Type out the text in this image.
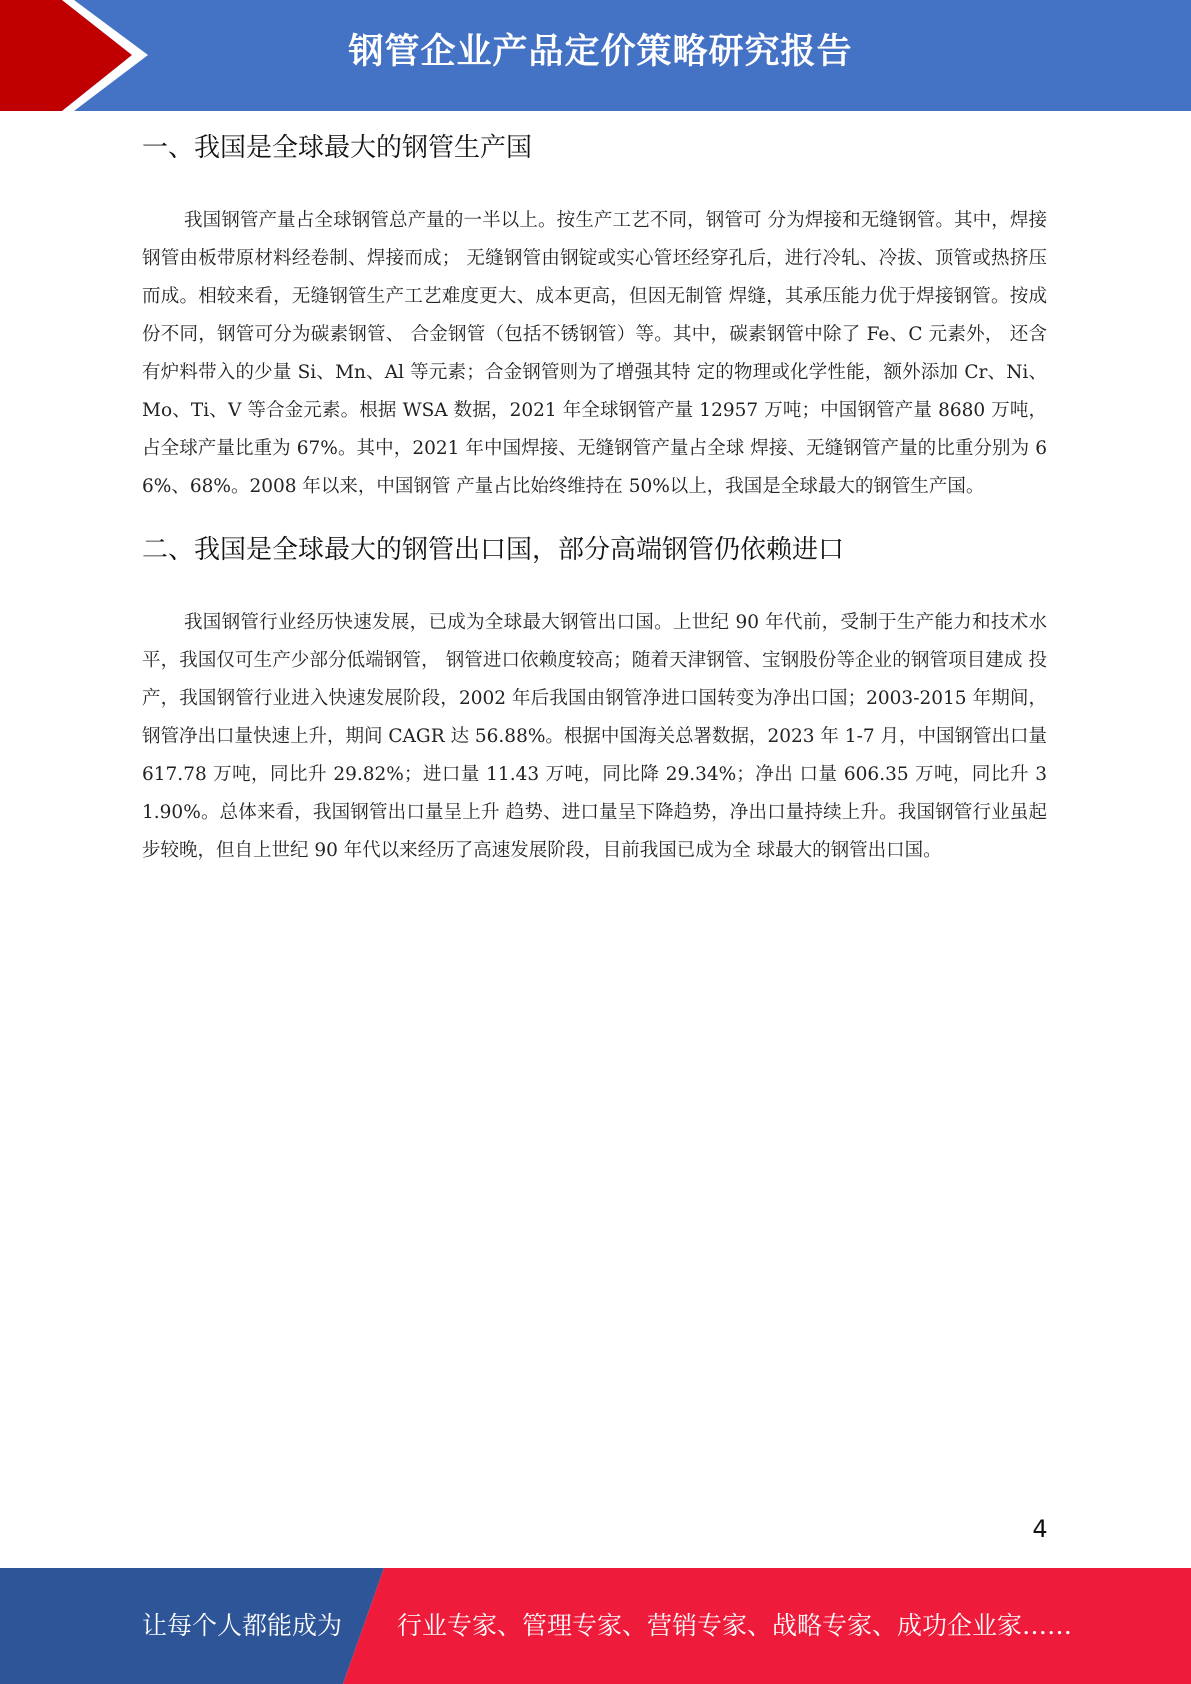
钢管企业产品定价策略研究报告
一、我国是全球最大的钢管生产国

我国钢管产量占全球钢管总产量的一半以上。按生产工艺不同，钢管可 分为焊接和无缝钢管。其中，焊接钢管由板带原材料经卷制、焊接而成； 无缝钢管由钢锭或实心管坯经穿孔后，进行冷轧、冷拔、顶管或热挤压 而成。相较来看，无缝钢管生产工艺难度更大、成本更高，但因无制管 焊缝，其承压能力优于焊接钢管。按成份不同，钢管可分为碳素钢管、 合金钢管（包括不锈钢管）等。其中，碳素钢管中除了 Fe、C 元素外， 还含有炉料带入的少量 Si、Mn、Al 等元素；合金钢管则为了增强其特 定的物理或化学性能，额外添加 Cr、Ni、Mo、Ti、V 等合金元素。根据 WSA 数据，2021 年全球钢管产量 12957 万吨；中国钢管产量 8680 万吨， 占全球产量比重为 67%。其中，2021 年中国焊接、无缝钢管产量占全球 焊接、无缝钢管产量的比重分别为 66%、68%。2008 年以来，中国钢管 产量占比始终维持在 50%以上，我国是全球最大的钢管生产国。

二、我国是全球最大的钢管出口国，部分高端钢管仍依赖进口

我国钢管行业经历快速发展，已成为全球最大钢管出口国。上世纪 90 年代前，受制于生产能力和技术水平，我国仅可生产少部分低端钢管， 钢管进口依赖度较高；随着天津钢管、宝钢股份等企业的钢管项目建成 投产，我国钢管行业进入快速发展阶段，2002 年后我国由钢管净进口国转变为净出口国；2003-2015 年期间，钢管净出口量快速上升，期间 CAGR 达 56.88%。根据中国海关总署数据，2023 年 1-7 月，中国钢管出口量 617.78 万吨，同比升 29.82%；进口量 11.43 万吨，同比降 29.34%；净出 口量 606.35 万吨，同比升 31.90%。总体来看，我国钢管出口量呈上升 趋势、进口量呈下降趋势，净出口量持续上升。我国钢管行业虽起步较晚，但自上世纪 90 年代以来经历了高速发展阶段，目前我国已成为全 球最大的钢管出口国。

4
让每个人都能成为 行业专家、管理专家、营销专家、战略专家、成功企业家……
